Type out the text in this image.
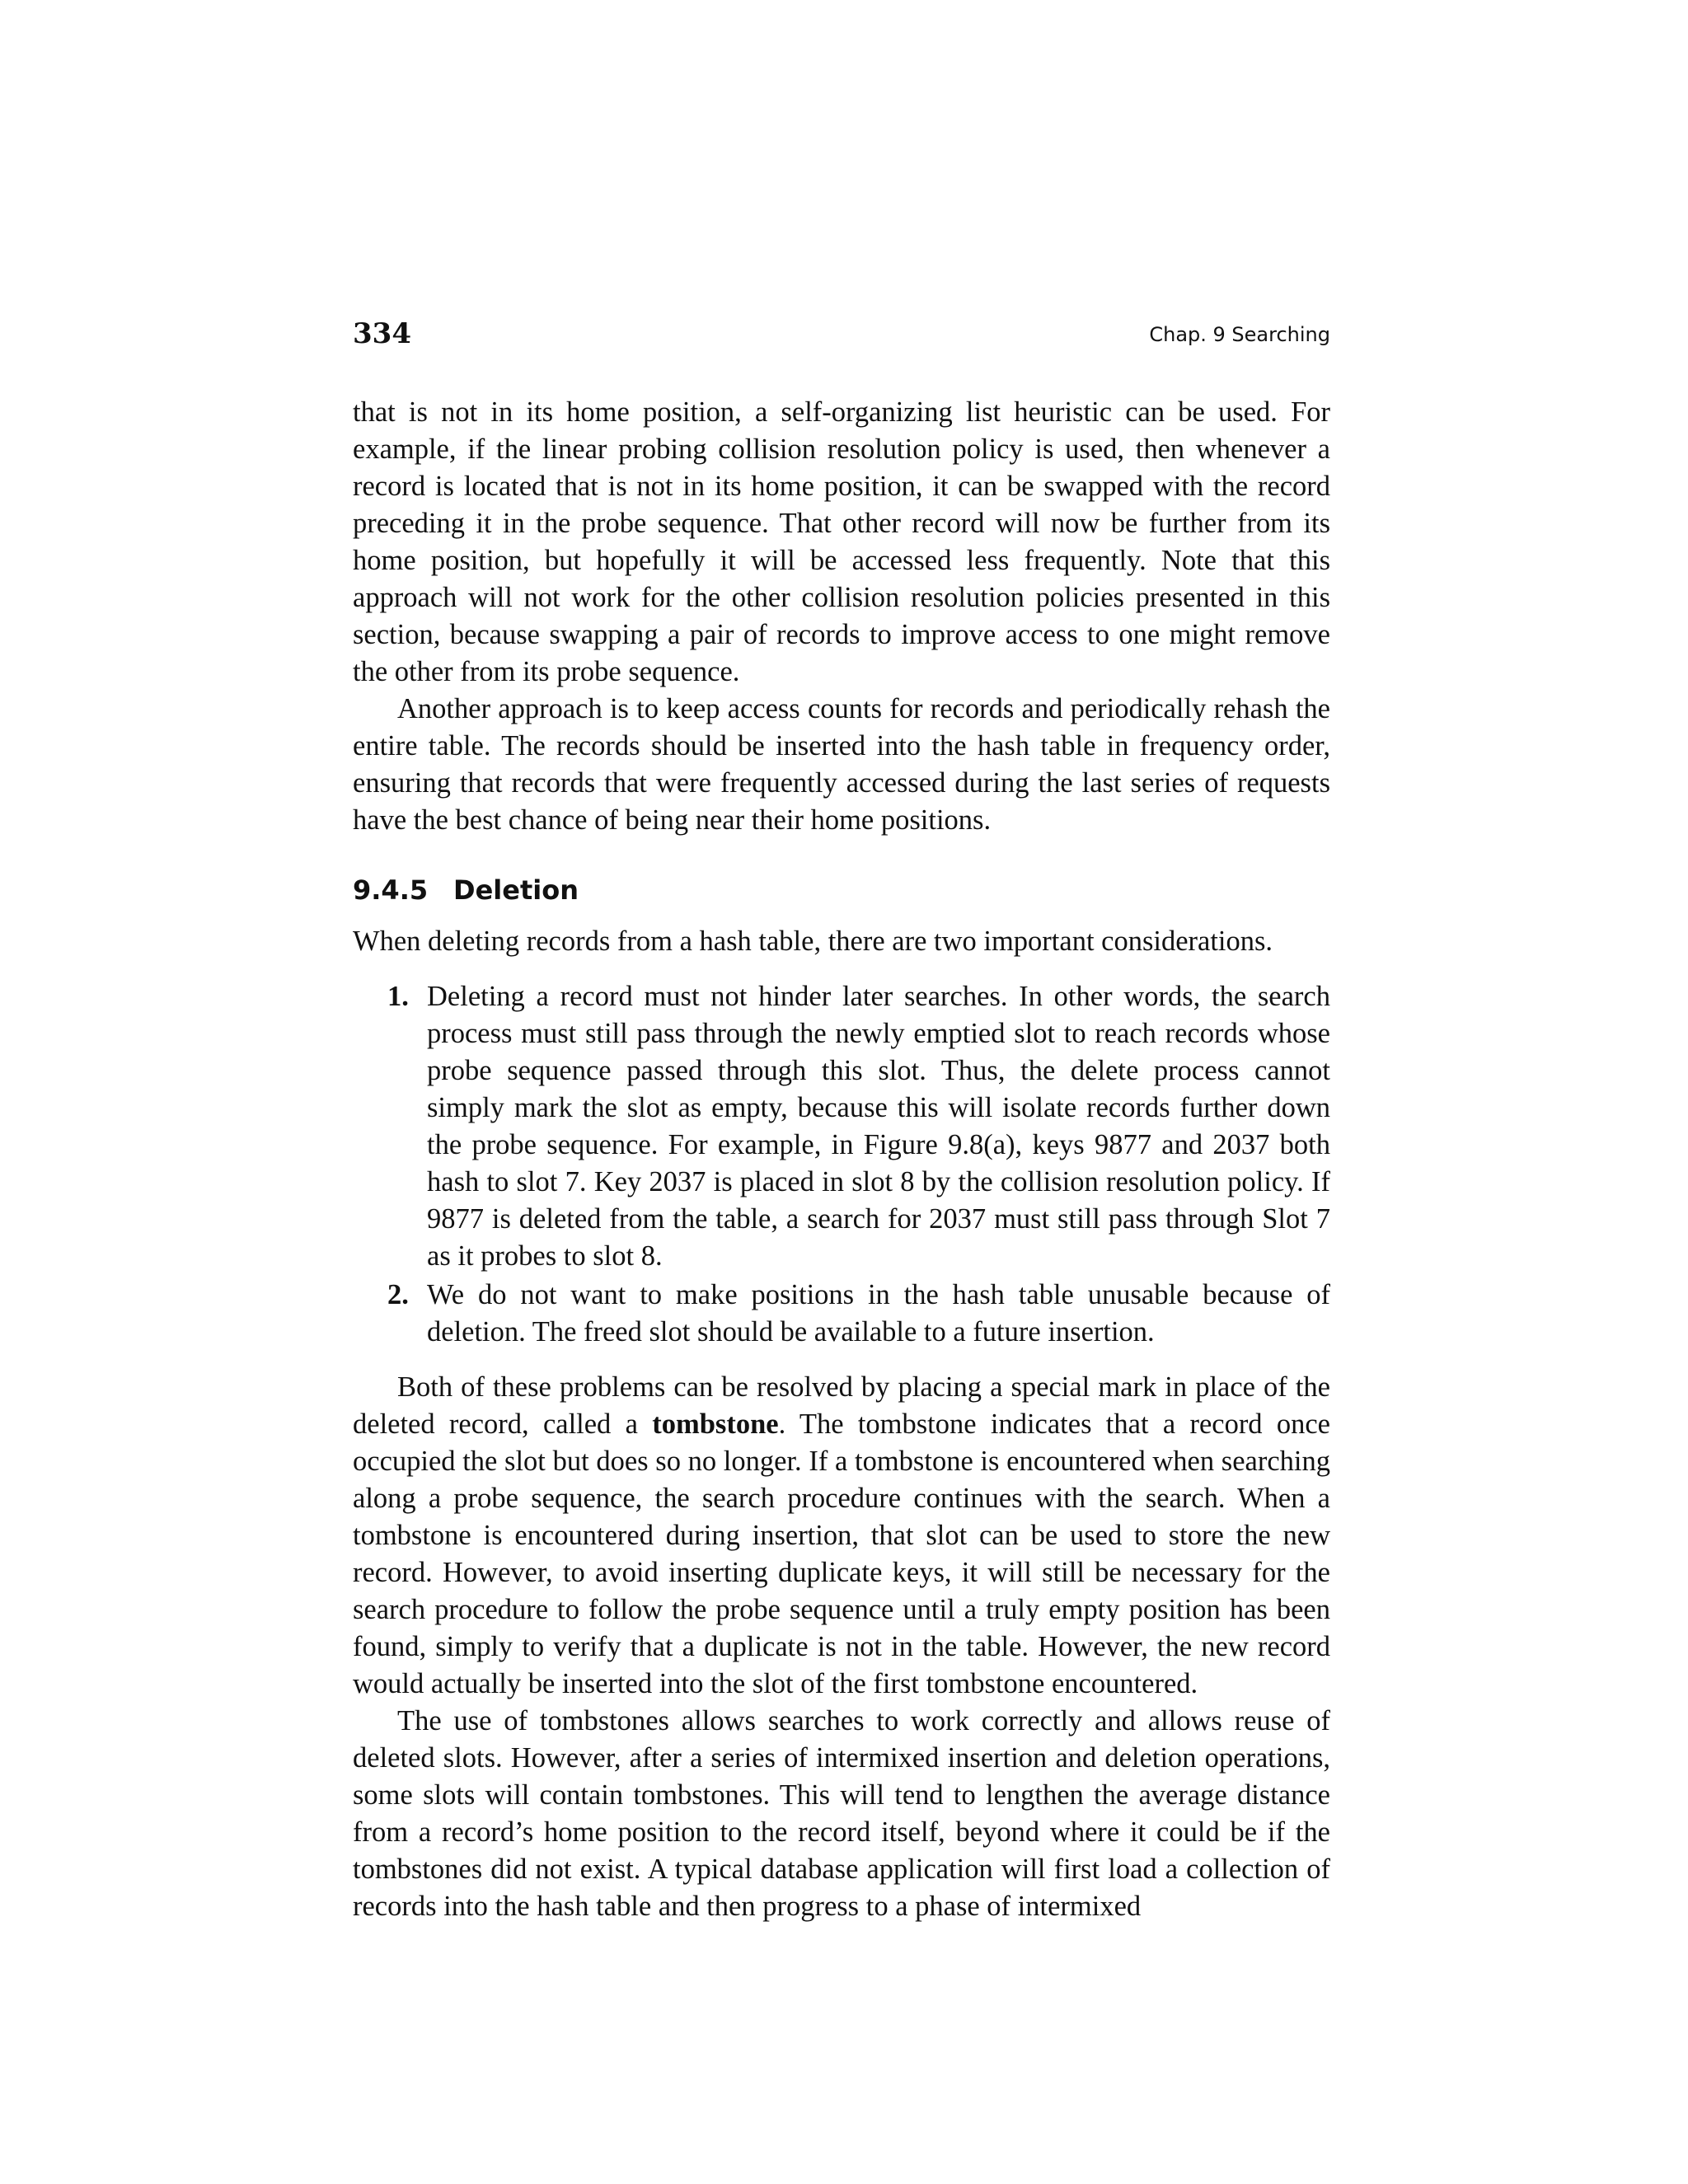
334	Chap. 9 Searching

that is not in its home position, a self-organizing list heuristic can be used. For example, if the linear probing collision resolution policy is used, then whenever a record is located that is not in its home position, it can be swapped with the record preceding it in the probe sequence. That other record will now be further from its home position, but hopefully it will be accessed less frequently. Note that this approach will not work for the other collision resolution policies presented in this section, because swapping a pair of records to improve access to one might remove the other from its probe sequence.

Another approach is to keep access counts for records and periodically rehash the entire table. The records should be inserted into the hash table in frequency order, ensuring that records that were frequently accessed during the last series of requests have the best chance of being near their home positions.

9.4.5 Deletion

When deleting records from a hash table, there are two important considerations.

1. Deleting a record must not hinder later searches. In other words, the search process must still pass through the newly emptied slot to reach records whose probe sequence passed through this slot. Thus, the delete process cannot simply mark the slot as empty, because this will isolate records further down the probe sequence. For example, in Figure 9.8(a), keys 9877 and 2037 both hash to slot 7. Key 2037 is placed in slot 8 by the collision resolution policy. If 9877 is deleted from the table, a search for 2037 must still pass through Slot 7 as it probes to slot 8.
2. We do not want to make positions in the hash table unusable because of deletion. The freed slot should be available to a future insertion.

Both of these problems can be resolved by placing a special mark in place of the deleted record, called a tombstone. The tombstone indicates that a record once occupied the slot but does so no longer. If a tombstone is encountered when searching along a probe sequence, the search procedure continues with the search. When a tombstone is encountered during insertion, that slot can be used to store the new record. However, to avoid inserting duplicate keys, it will still be necessary for the search procedure to follow the probe sequence until a truly empty position has been found, simply to verify that a duplicate is not in the table. However, the new record would actually be inserted into the slot of the first tombstone encountered.

The use of tombstones allows searches to work correctly and allows reuse of deleted slots. However, after a series of intermixed insertion and deletion operations, some slots will contain tombstones. This will tend to lengthen the average distance from a record’s home position to the record itself, beyond where it could be if the tombstones did not exist. A typical database application will first load a collection of records into the hash table and then progress to a phase of intermixed
